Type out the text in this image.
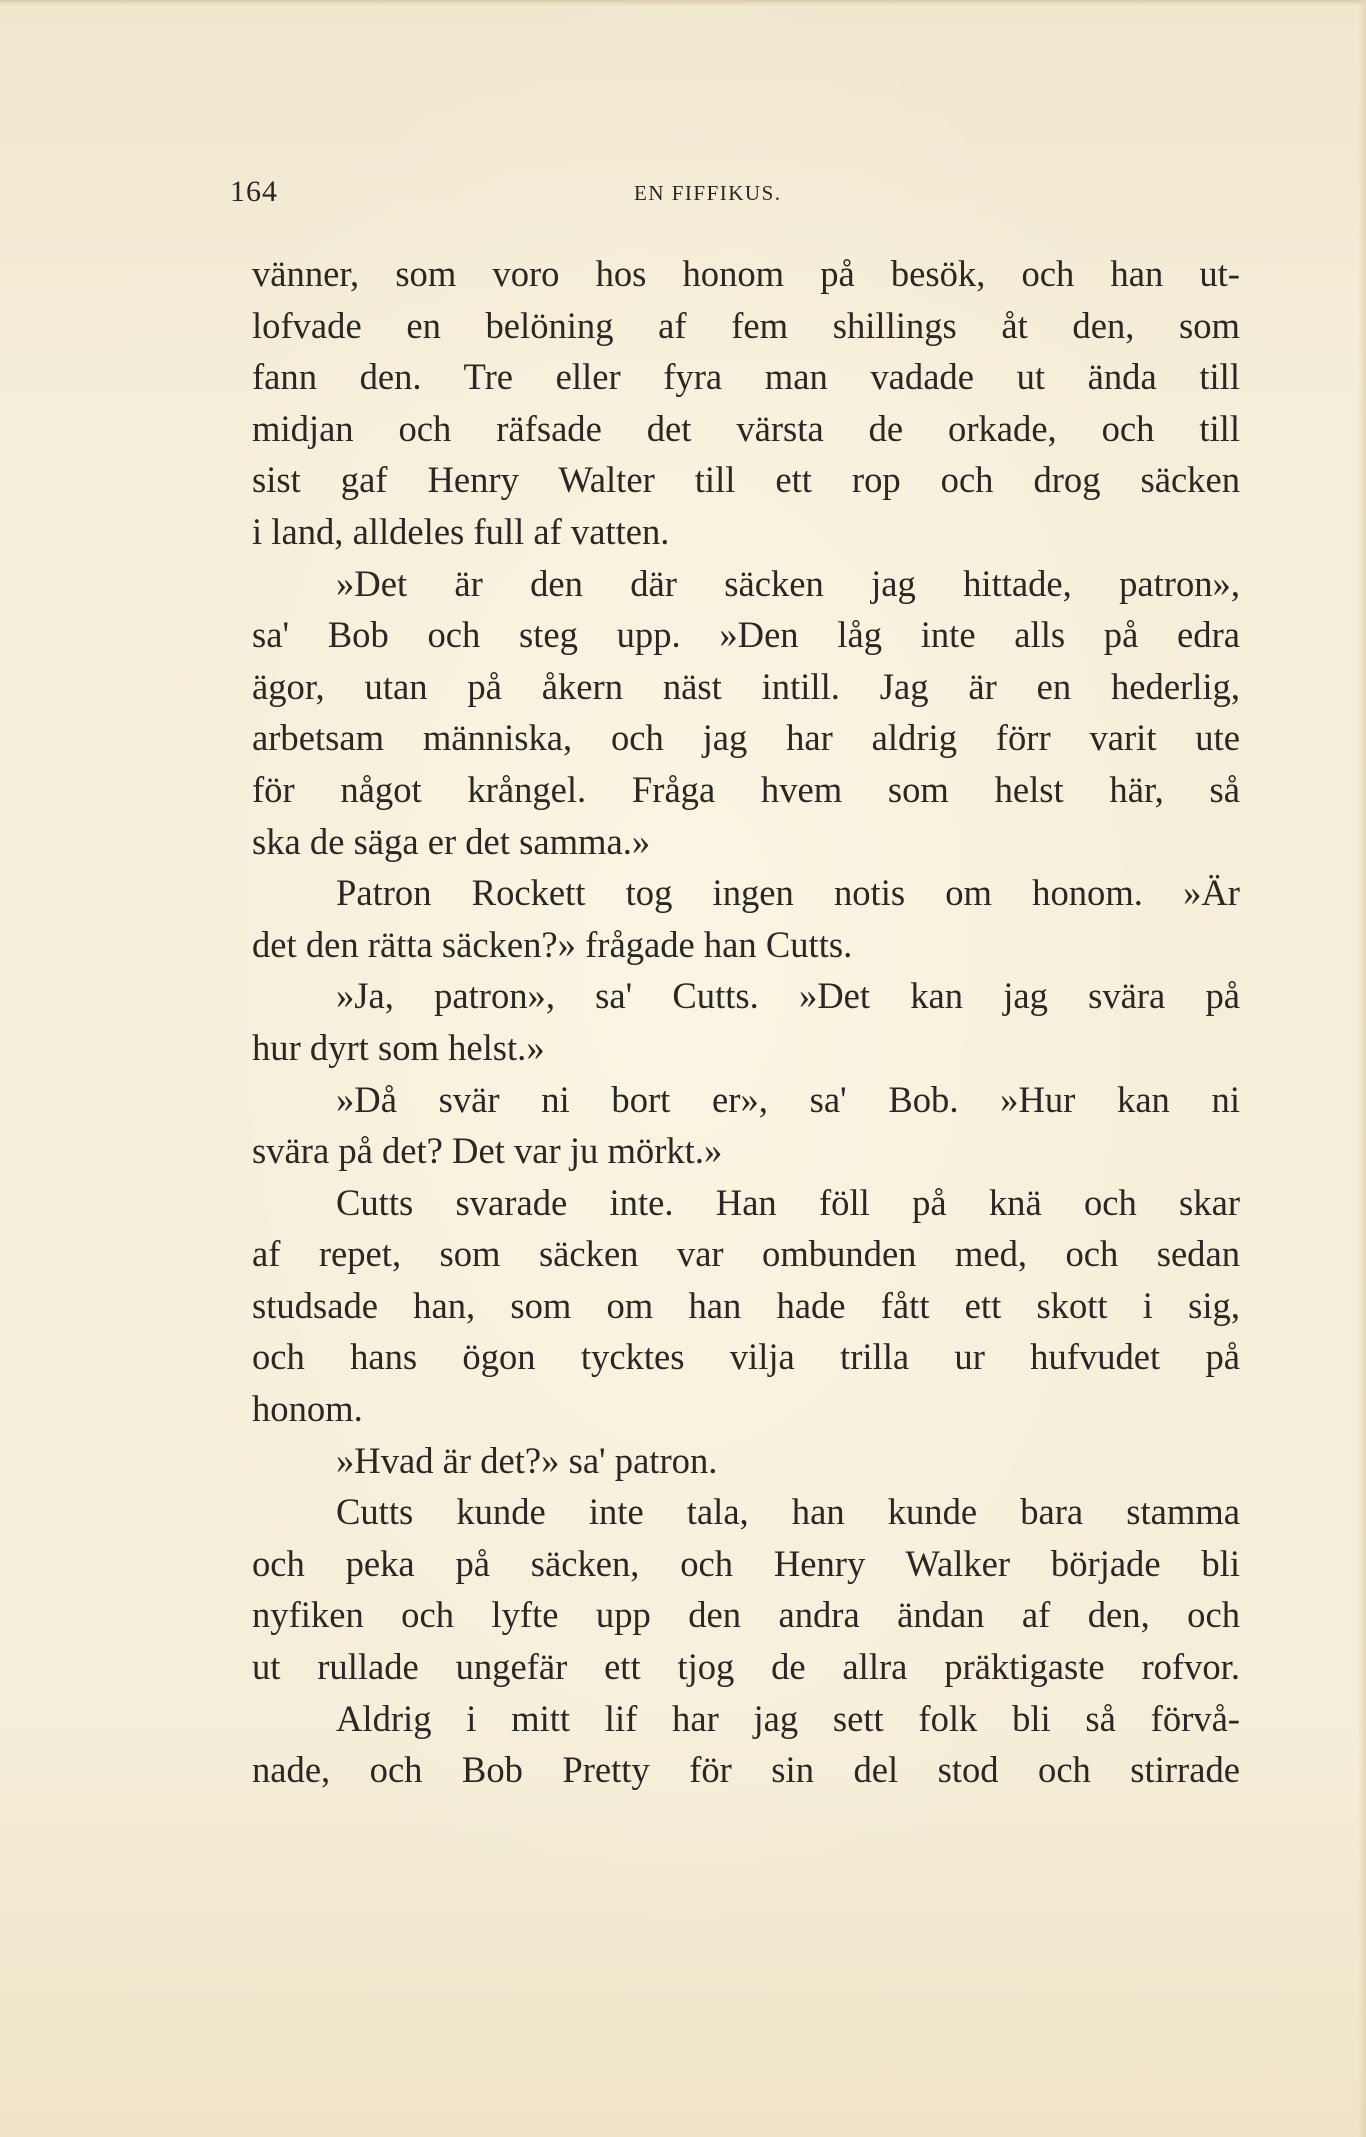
164	EN FIFFIKUS.
vänner, som voro hos honom på besök, och han ut-
lofvade en belöning af fem shillings åt den, som
fann den. Tre eller fyra man vadade ut ända till
midjan och räfsade det värsta de orkade, och till
sist gaf Henry Walter till ett rop och drog säcken
i land, alldeles full af vatten.
»Det är den där säcken jag hittade, patron»,
sa' Bob och steg upp. »Den låg inte alls på edra
ägor, utan på åkern näst intill. Jag är en hederlig,
arbetsam människa, och jag har aldrig förr varit ute
för något krångel. Fråga hvem som helst här, så
ska de säga er det samma.»
Patron Rockett tog ingen notis om honom. »Är
det den rätta säcken?» frågade han Cutts.
»Ja, patron», sa' Cutts. »Det kan jag svära på
hur dyrt som helst.»
»Då svär ni bort er», sa' Bob. »Hur kan ni
svära på det? Det var ju mörkt.»
Cutts svarade inte. Han föll på knä och skar
af repet, som säcken var ombunden med, och sedan
studsade han, som om han hade fått ett skott i sig,
och hans ögon tycktes vilja trilla ur hufvudet på
honom.
»Hvad är det?» sa' patron.
Cutts kunde inte tala, han kunde bara stamma
och peka på säcken, och Henry Walker började bli
nyfiken och lyfte upp den andra ändan af den, och
ut rullade ungefär ett tjog de allra präktigaste rofvor.
Aldrig i mitt lif har jag sett folk bli så förvå-
nade, och Bob Pretty för sin del stod och stirrade
